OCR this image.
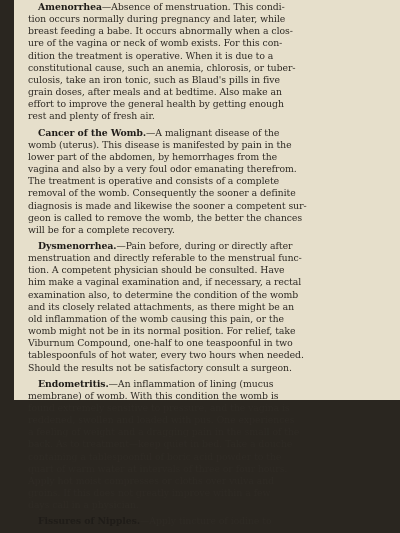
Amenorrhea—Absence of menstruation. This condi-
tion occurs normally during pregnancy and later, while
breast feeding a babe. It occurs abnormally when a clos-
ure of the vagina or neck of womb exists. For this con-
dition the treatment is operative. When it is due to a
constitutional cause, such an anemia, chlorosis, or tuber-
culosis, take an iron tonic, such as Blaud's pills in five
grain doses, after meals and at bedtime. Also make an
effort to improve the general health by getting enough
rest and plenty of fresh air.
Cancer of the Womb.—A malignant disease of the
womb (uterus). This disease is manifested by pain in the
lower part of the abdomen, by hemorrhages from the
vagina and also by a very foul odor emanating therefrom.
The treatment is operative and consists of a complete
removal of the womb. Consequently the sooner a definite
diagnosis is made and likewise the sooner a competent sur-
geon is called to remove the womb, the better the chances
will be for a complete recovery.
Dysmenorrhea.—Pain before, during or directly after
menstruation and directly referable to the menstrual func-
tion. A competent physician should be consulted. Have
him make a vaginal examination and, if necessary, a rectal
examination also, to determine the condition of the womb
and its closely related attachments, as there might be an
old inflammation of the womb causing this pain, or the
womb might not be in its normal position. For relief, take
Viburnum Compound, one-half to one teaspoonful in two
tablespoonfuls of hot water, every two hours when needed.
Should the results not be satisfactory consult a surgeon.
Endometritis.—An inflammation of lining (mucus
membrane) of womb. With this condition the womb is
found extremely sensitive to pressure, and the vagina is
reddened, swollen and loaded with pus. One experiences
a feeling of weight and a dragging pain in the small of the
back. As to treatment—keep quiet in bed. Take a douche
containing a tablespoonful of boric acid powder to the
quart of warm water at intervals of three or four hours.
Apply hot moist compresses or cloths over vulva and
groins. If this does not greatly improve within a few
days call in a physician.
Fissures of Nipples.—Apply tincture of iodine to
